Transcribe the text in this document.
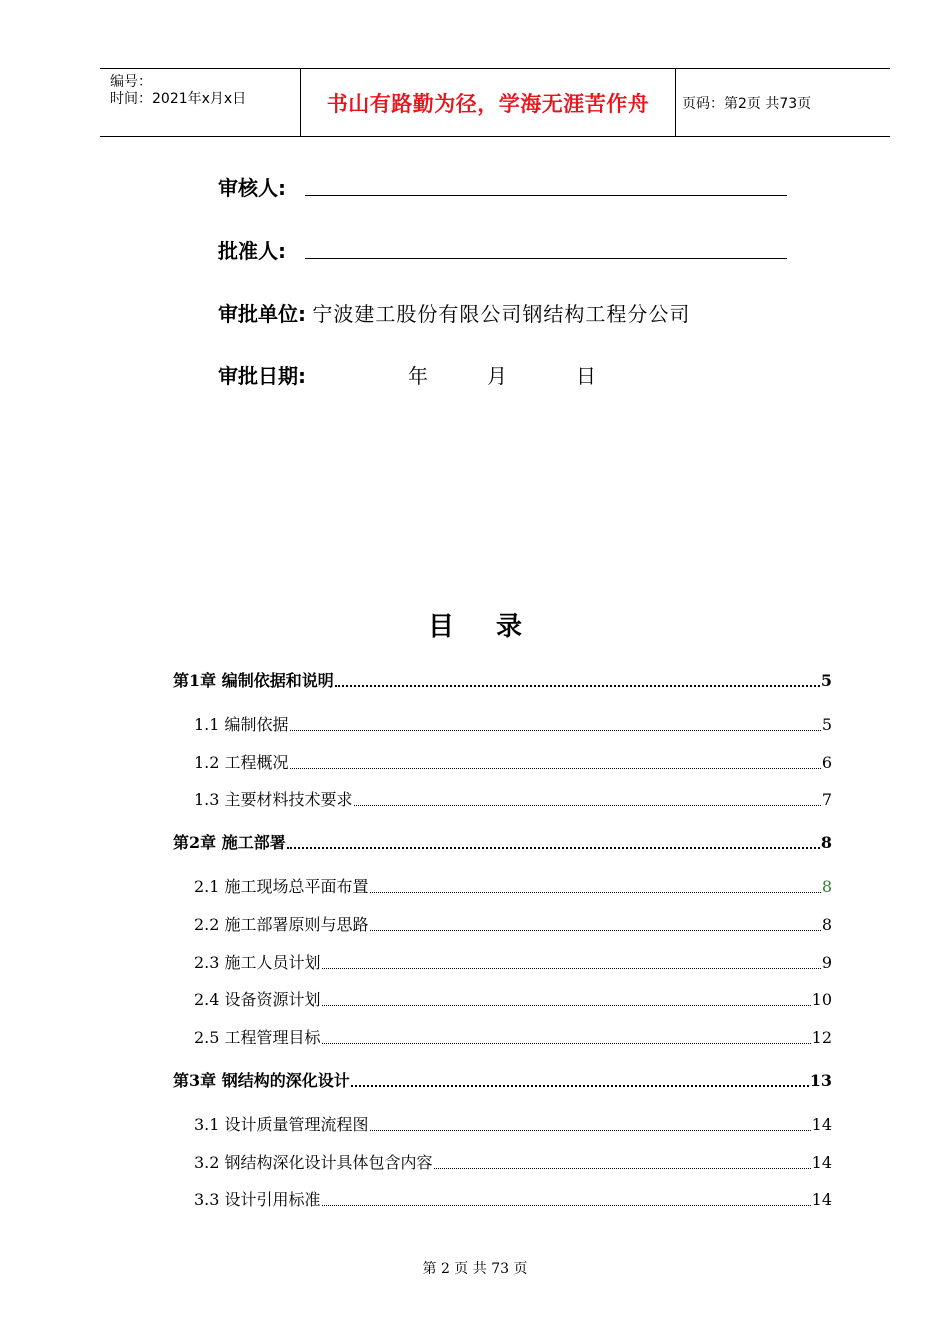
编号：
时间：2021年x月x日	书山有路勤为径，学海无涯苦作舟	页码：第2页 共73页
审核人:
批准人:
审批单位: 宁波建工股份有限公司钢结构工程分公司
审批日期:	年	月	日
目录
第1章 编制依据和说明	5
1.1 编制依据	5
1.2 工程概况	6
1.3 主要材料技术要求	7
第2章 施工部署	8
2.1 施工现场总平面布置	8
2.2 施工部署原则与思路	8
2.3 施工人员计划	9
2.4 设备资源计划	10
2.5 工程管理目标	12
第3章 钢结构的深化设计	13
3.1 设计质量管理流程图	14
3.2 钢结构深化设计具体包含内容	14
3.3 设计引用标准	14
第 2 页 共 73 页
